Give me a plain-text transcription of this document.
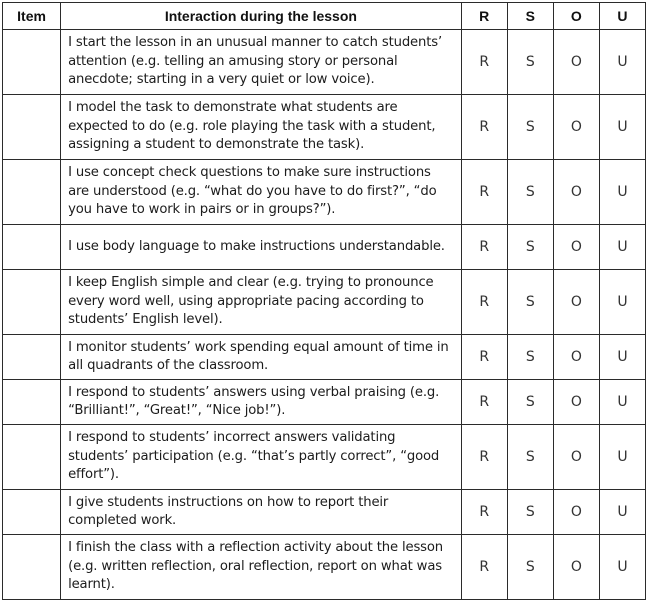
Item	Interaction during the lesson	R	S	O	U
	I start the lesson in an unusual manner to catch students’ attention (e.g. telling an amusing story or personal anecdote; starting in a very quiet or low voice).	R	S	O	U
	I model the task to demonstrate what students are expected to do (e.g. role playing the task with a student, assigning a student to demonstrate the task).	R	S	O	U
	I use concept check questions to make sure instructions are understood (e.g. “what do you have to do first?”, “do you have to work in pairs or in groups?”).	R	S	O	U
	I use body language to make instructions understandable.	R	S	O	U
	I keep English simple and clear (e.g. trying to pronounce every word well, using appropriate pacing according to students’ English level).	R	S	O	U
	I monitor students’ work spending equal amount of time in all quadrants of the classroom.	R	S	O	U
	I respond to students’ answers using verbal praising (e.g. “Brilliant!”, “Great!”, “Nice job!”).	R	S	O	U
	I respond to students’ incorrect answers validating students’ participation (e.g. “that’s partly correct”, “good effort”).	R	S	O	U
	I give students instructions on how to report their completed work.	R	S	O	U
	I finish the class with a reflection activity about the lesson (e.g. written reflection, oral reflection, report on what was learnt).	R	S	O	U
